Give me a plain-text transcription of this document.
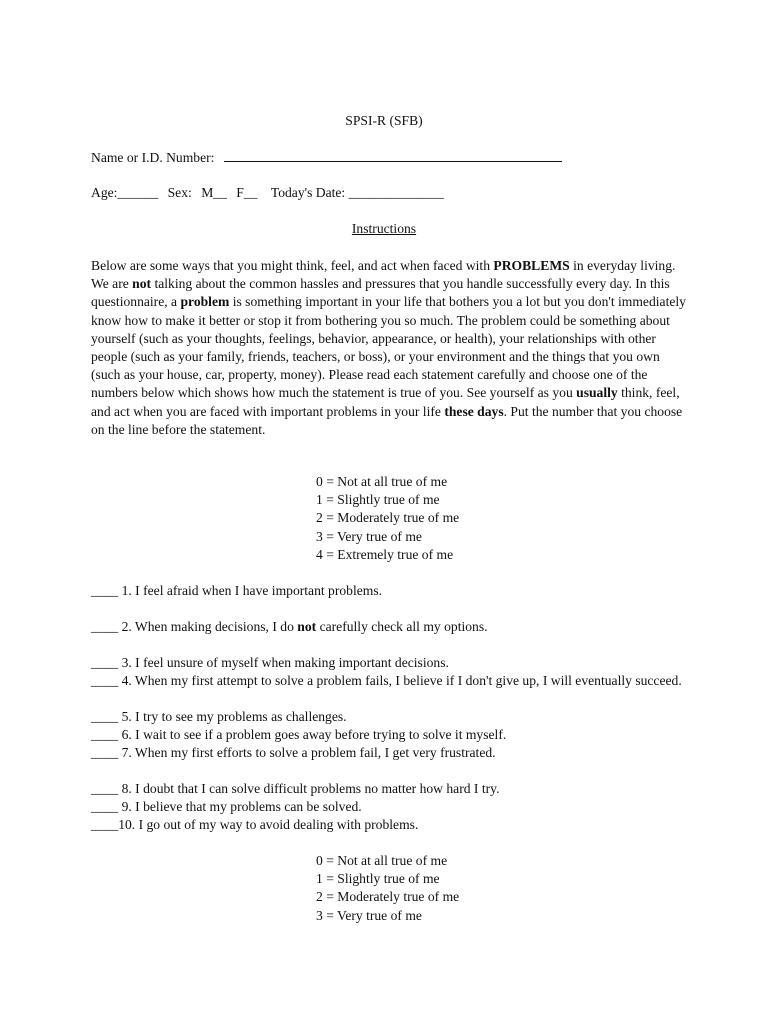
SPSI-R (SFB)
Name or I.D. Number:
Age:______ Sex: M__ F__ Today's Date: ______________
Instructions
Below are some ways that you might think, feel, and act when faced with PROBLEMS in everyday living. We are not talking about the common hassles and pressures that you handle successfully every day. In this questionnaire, a problem is something important in your life that bothers you a lot but you don't immediately know how to make it better or stop it from bothering you so much. The problem could be something about yourself (such as your thoughts, feelings, behavior, appearance, or health), your relationships with other people (such as your family, friends, teachers, or boss), or your environment and the things that you own (such as your house, car, property, money). Please read each statement carefully and choose one of the numbers below which shows how much the statement is true of you. See yourself as you usually think, feel, and act when you are faced with important problems in your life these days. Put the number that you choose on the line before the statement.
0 = Not at all true of me
1 = Slightly true of me
2 = Moderately true of me
3 = Very true of me
4 = Extremely true of me
____ 1. I feel afraid when I have important problems.
____ 2. When making decisions, I do not carefully check all my options.
____ 3. I feel unsure of myself when making important decisions.
____ 4. When my first attempt to solve a problem fails, I believe if I don't give up, I will eventually succeed.
____ 5. I try to see my problems as challenges.
____ 6. I wait to see if a problem goes away before trying to solve it myself.
____ 7. When my first efforts to solve a problem fail, I get very frustrated.
____ 8. I doubt that I can solve difficult problems no matter how hard I try.
____ 9. I believe that my problems can be solved.
____10. I go out of my way to avoid dealing with problems.
0 = Not at all true of me
1 = Slightly true of me
2 = Moderately true of me
3 = Very true of me
